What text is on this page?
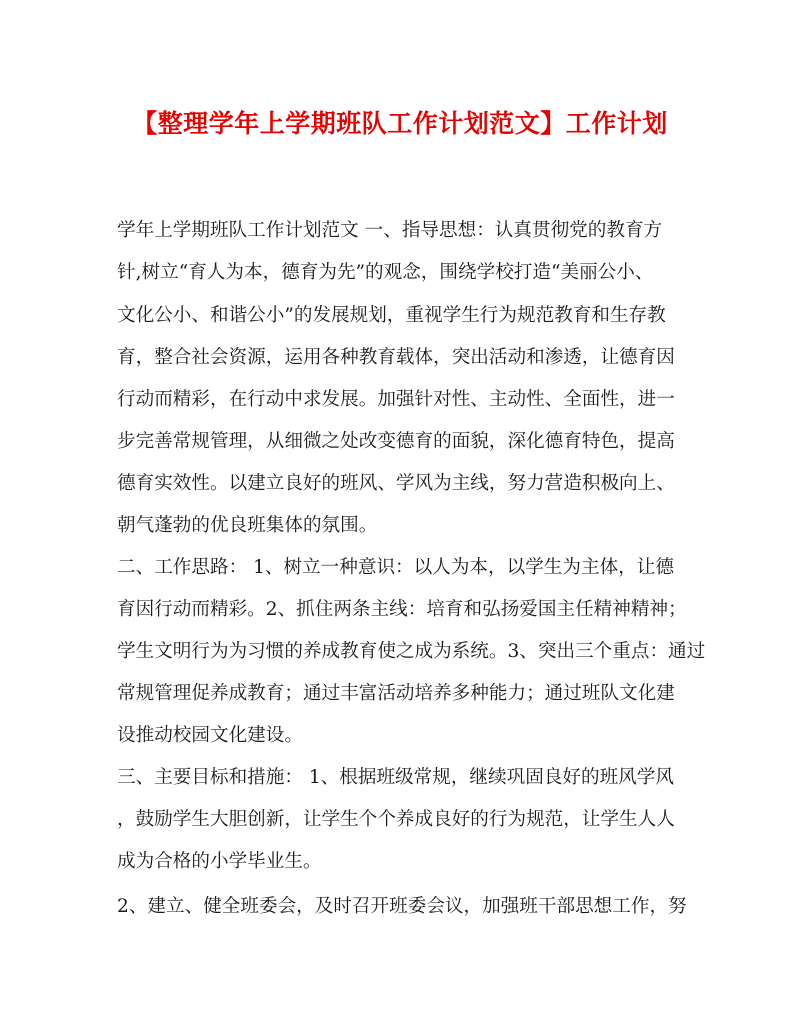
【整理学年上学期班队工作计划范文】工作计划
学年上学期班队工作计划范文 一、指导思想：认真贯彻党的教育方
针,树立“育人为本，德育为先”的观念，围绕学校打造“美丽公小、
文化公小、和谐公小”的发展规划，重视学生行为规范教育和生存教
育，整合社会资源，运用各种教育载体，突出活动和渗透，让德育因
行动而精彩，在行动中求发展。加强针对性、主动性、全面性，进一
步完善常规管理，从细微之处改变德育的面貌，深化德育特色，提高
德育实效性。以建立良好的班风、学风为主线，努力营造积极向上、
朝气蓬勃的优良班集体的氛围。
二、工作思路： 1、树立一种意识：以人为本，以学生为主体，让德
育因行动而精彩。2、抓住两条主线：培育和弘扬爱国主任精神精神；
学生文明行为为习惯的养成教育使之成为系统。3、突出三个重点：通过
常规管理促养成教育；通过丰富活动培养多种能力；通过班队文化建
设推动校园文化建设。
三、主要目标和措施： 1、根据班级常规，继续巩固良好的班风学风
，鼓励学生大胆创新，让学生个个养成良好的行为规范，让学生人人
成为合格的小学毕业生。
2、建立、健全班委会，及时召开班委会议，加强班干部思想工作，努
